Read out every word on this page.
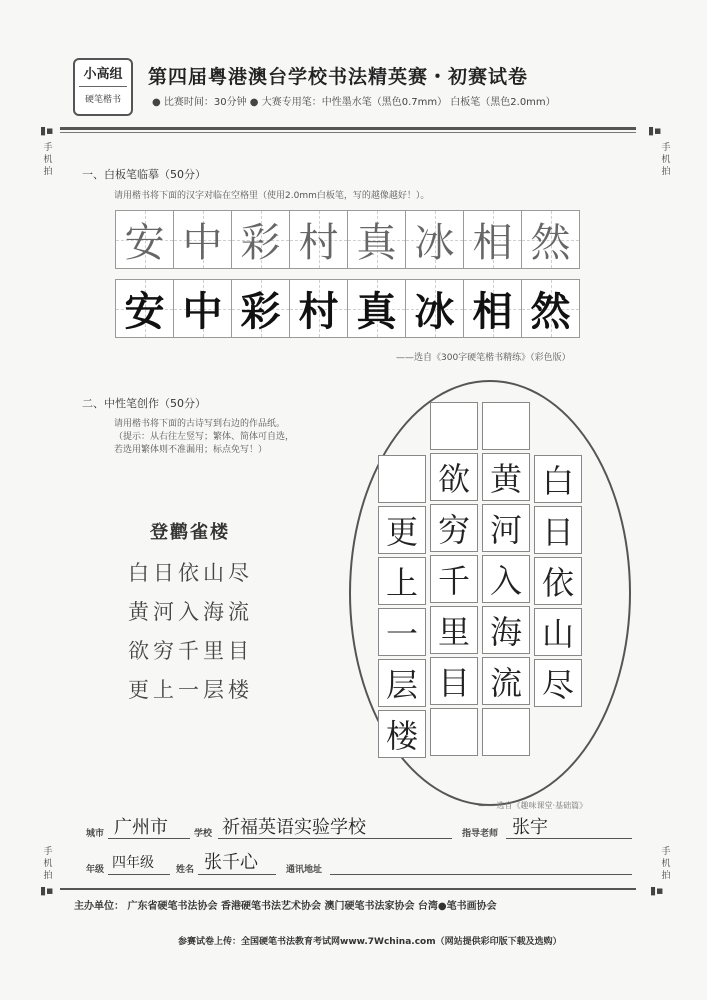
小高组
硬笔楷书
第四届粤港澳台学校书法精英赛・初赛试卷
● 比赛时间：30分钟 ● 大赛专用笔：中性墨水笔（黑色0.7mm） 白板笔（黑色2.0mm）
▮▪
手机拍
▮▪
手机拍
手机拍
▮▪
手机拍
▮▪
一、白板笔临摹（50分）
请用楷书将下面的汉字对临在空格里（使用2.0mm白板笔，写的越像越好！）。
安 中 彩 村 真 冰 相 然
安 中 彩 村 真 冰 相 然
——选自《300字硬笔楷书精练》（彩色版）
二、中性笔创作（50分）
请用楷书将下面的古诗写到右边的作品纸。
（提示：从右往左竖写；繁体、简体可自选，
若选用繁体则不准漏用；标点免写！）
登鹳雀楼
白日依山尽
黄河入海流
欲穷千里目
更上一层楼
更
上
一
层
楼
欲
穷
千
里
目
黄
河
入
海
流
白
日
依
山
尽
—— 选自《趣味课堂·基础篇》
城市 广州市	学校 祈福英语实验学校	指导老师 张宇
年级 四年级 姓名 张千心	通讯地址
主办单位： 广东省硬笔书法协会 香港硬笔书法艺术协会 澳门硬笔书法家协会 台湾●笔书画协会
参赛试卷上传：全国硬笔书法教育考试网www.7Wchina.com（网站提供彩印版下载及选购）
